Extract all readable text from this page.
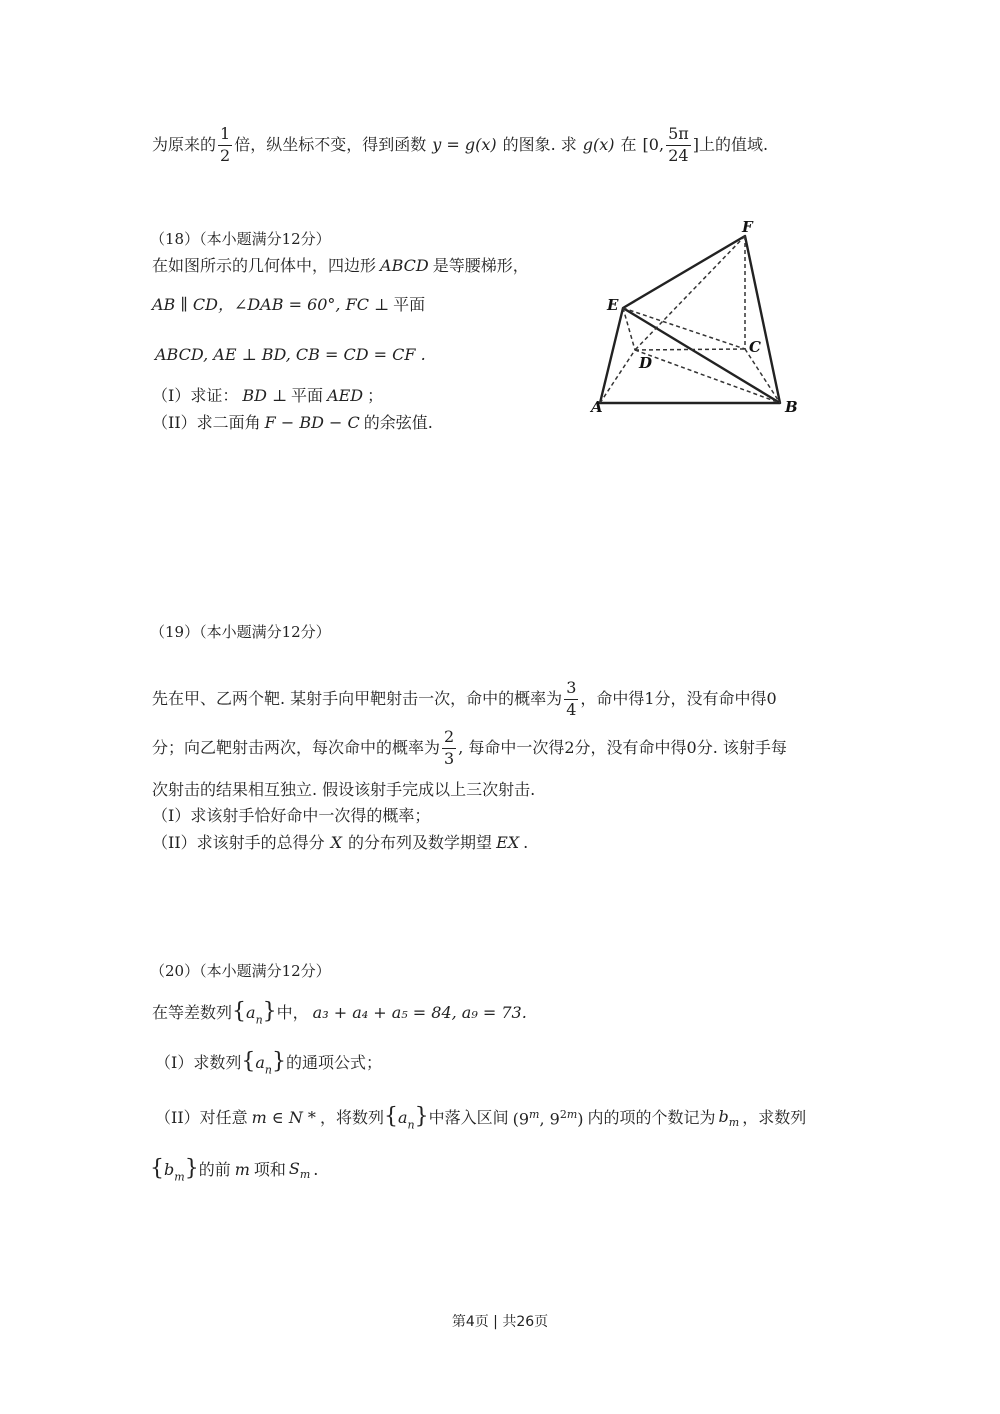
为原来的 $\frac{1}{2}$ 倍，纵坐标不变，得到函数 y = g(x) 的图象. 求 g(x) 在 [0, $\frac{5\pi}{24}$ ] 上的值域.
（18）（本小题满分12分）
在如图所示的几何体中，四边形 ABCD 是等腰梯形，
AB ∥ CD，∠DAB = 60°, FC ⊥ 平面
ABCD, AE ⊥ BD, CB = CD = CF .
（I）求证： BD ⊥ 平面 AED ；
（II）求二面角 F − BD − C 的余弦值.
F
E
D
C
A	B
（19）（本小题满分12分）
先在甲、乙两个靶. 某射手向甲靶射击一次，命中的概率为 $\frac{3}{4}$ ，命中得1分，没有命中得0
分；向乙靶射击两次，每次命中的概率为 $\frac{2}{3}$ , 每命中一次得2分，没有命中得0分. 该射手每
次射击的结果相互独立. 假设该射手完成以上三次射击.
（I）求该射手恰好命中一次得的概率；
（II）求该射手的总得分 X 的分布列及数学期望 EX .
（20）（本小题满分12分）
在等差数列 $\{a_n\}$ 中， a₃ + a₄ + a₅ = 84, a₉ = 73.
（I）求数列 $\{a_n\}$ 的通项公式；
（II）对任意 m ∈ N * ，将数列 $\{a_n\}$ 中落入区间 (9$^m$, $9^{2m}$) 内的项的个数记为 $b_m$ ，求数列
$\{b_m\}$ 的前 m 项和 $S_m$ .
第4页 | 共26页
